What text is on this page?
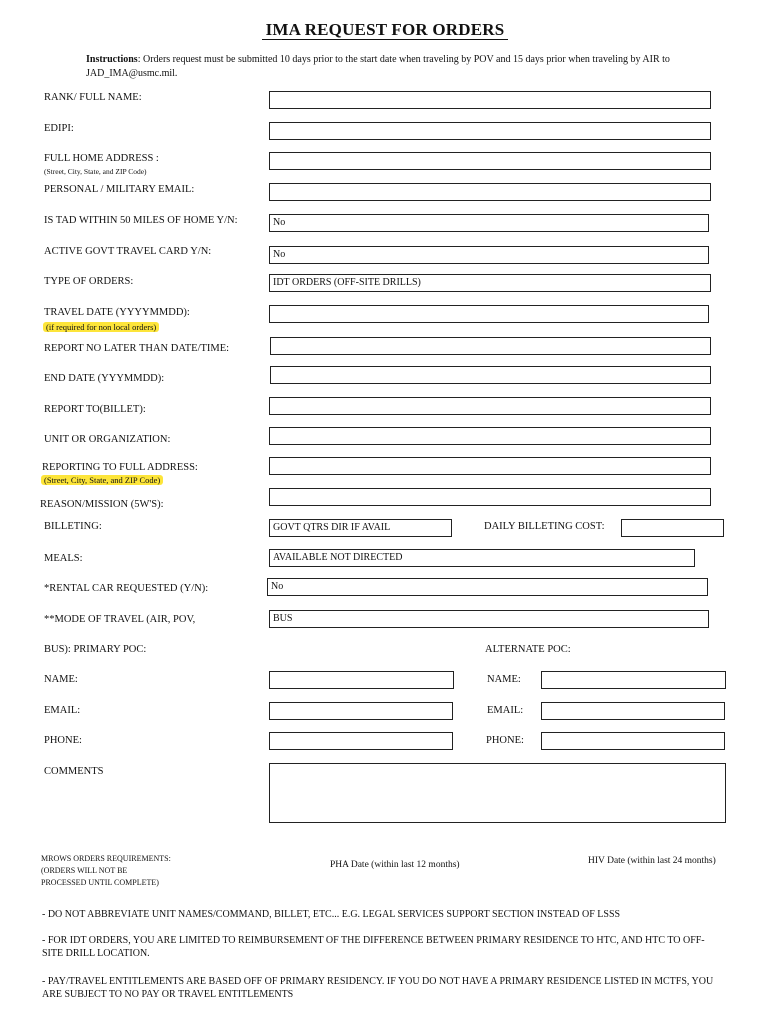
IMA REQUEST FOR ORDERS
Instructions: Orders request must be submitted 10 days prior to the start date when traveling by POV and 15 days prior when traveling by AIR to JAD_IMA@usmc.mil.
RANK/ FULL NAME:
EDIPI:
FULL HOME ADDRESS :
(Street, City, State, and ZIP Code)
PERSONAL / MILITARY EMAIL:
IS TAD WITHIN 50 MILES OF HOME Y/N:	No
ACTIVE GOVT TRAVEL CARD Y/N:	No
TYPE OF ORDERS:	IDT ORDERS (OFF-SITE DRILLS)
TRAVEL DATE (YYYYMMDD):
(if required for non local orders)
REPORT NO LATER THAN DATE/TIME:
END DATE (YYYMMDD):
REPORT TO(BILLET):
UNIT OR ORGANIZATION:
REPORTING TO FULL ADDRESS:
(Street, City, State, and ZIP Code)
REASON/MISSION (5W'S):
BILLETING:	GOVT QTRS DIR IF AVAIL	DAILY BILLETING COST:
MEALS:	AVAILABLE NOT DIRECTED
*RENTAL CAR REQUESTED (Y/N):	No
**MODE OF TRAVEL (AIR, POV,	BUS
BUS): PRIMARY POC:	ALTERNATE POC:
NAME:	NAME:
EMAIL:	EMAIL:
PHONE:	PHONE:
COMMENTS
MROWS ORDERS REQUIREMENTS:
(ORDERS WILL NOT BE
PROCESSED UNTIL COMPLETE)
PHA Date (within last 12 months)	HIV Date (within last 24 months)
- DO NOT ABBREVIATE UNIT NAMES/COMMAND, BILLET, ETC... E.G. LEGAL SERVICES SUPPORT SECTION INSTEAD OF LSSS
- FOR IDT ORDERS, YOU ARE LIMITED TO REIMBURSEMENT OF THE DIFFERENCE BETWEEN PRIMARY RESIDENCE TO HTC, AND HTC TO OFF-SITE DRILL LOCATION.
- PAY/TRAVEL ENTITLEMENTS ARE BASED OFF OF PRIMARY RESIDENCY. IF YOU DO NOT HAVE A PRIMARY RESIDENCE LISTED IN MCTFS, YOU ARE SUBJECT TO NO PAY OR TRAVEL ENTITLEMENTS
